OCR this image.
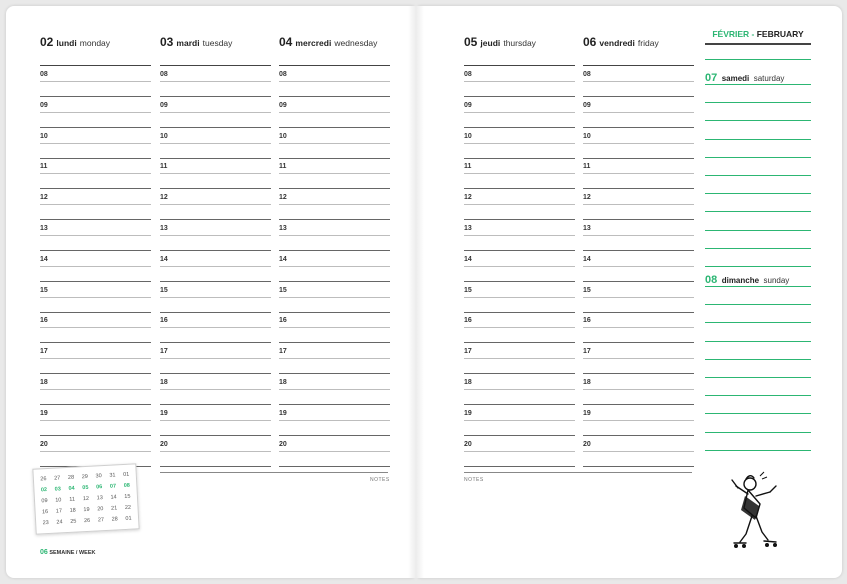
02 lundi monday
08
09
10
11
12
13
14
15
16
17
18
19
20
03 mardi tuesday
08
09
10
11
12
13
14
15
16
17
18
19
20
04 mercredi wednesday
08
09
10
11
12
13
14
15
16
17
18
19
20
05 jeudi thursday
08
09
10
11
12
13
14
15
16
17
18
19
20
06 vendredi friday
08
09
10
11
12
13
14
15
16
17
18
19
20
NOTES	NOTES
FÉVRIER - FEBRUARY
07 samedi saturday
08 dimanche sunday
26	27	28	29	30	31	01
02	03	04	05	06	07	08
09	10	11	12	13	14	15
16	17	18	19	20	21	22
23	24	25	26	27	28	01
06 SEMAINE / WEEK
